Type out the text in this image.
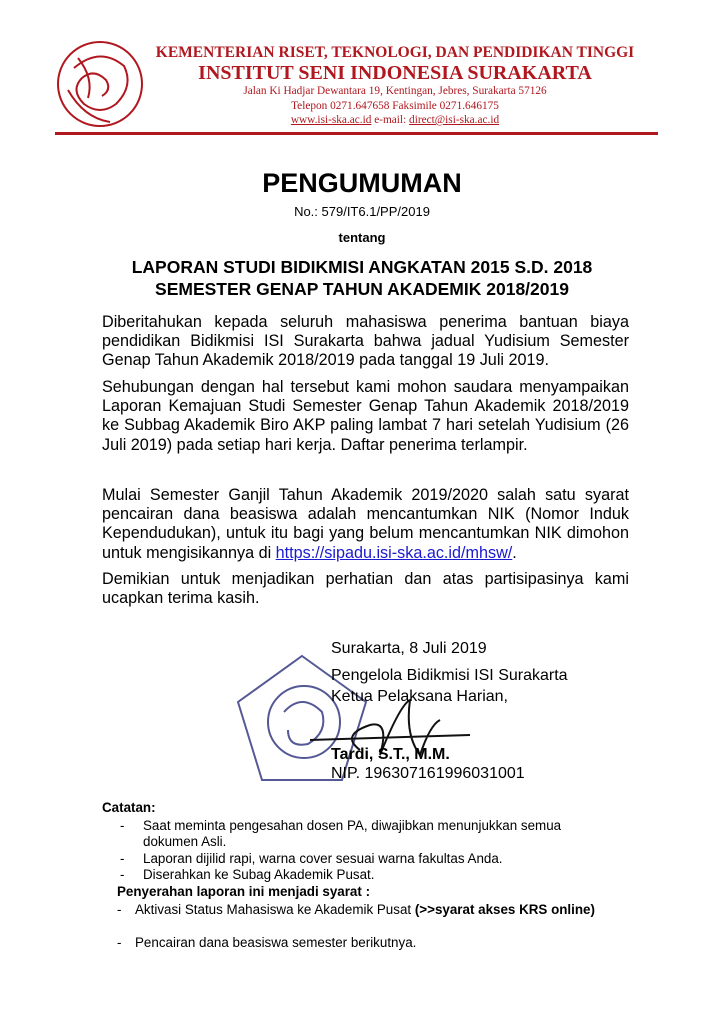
KEMENTERIAN RISET, TEKNOLOGI, DAN PENDIDIKAN TINGGI
INSTITUT SENI INDONESIA SURAKARTA
Jalan Ki Hadjar Dewantara 19, Kentingan, Jebres, Surakarta 57126
Telepon 0271.647658 Faksimile 0271.646175
www.isi-ska.ac.id e-mail: direct@isi-ska.ac.id
PENGUMUMAN
No.: 579/IT6.1/PP/2019
tentang
LAPORAN STUDI BIDIKMISI ANGKATAN 2015 S.D. 2018
SEMESTER GENAP TAHUN AKADEMIK 2018/2019
Diberitahukan kepada seluruh mahasiswa penerima bantuan biaya pendidikan Bidikmisi ISI Surakarta bahwa jadual Yudisium Semester Genap Tahun Akademik 2018/2019 pada tanggal 19 Juli 2019.
Sehubungan dengan hal tersebut kami mohon saudara menyampaikan Laporan Kemajuan Studi Semester Genap Tahun Akademik 2018/2019 ke Subbag Akademik Biro AKP paling lambat 7 hari setelah Yudisium (26 Juli 2019) pada setiap hari kerja. Daftar penerima terlampir.
Mulai Semester Ganjil Tahun Akademik 2019/2020 salah satu syarat pencairan dana beasiswa adalah mencantumkan NIK (Nomor Induk Kependudukan), untuk itu bagi yang belum mencantumkan NIK dimohon untuk mengisikannya di https://sipadu.isi-ska.ac.id/mhsw/.
Demikian untuk menjadikan perhatian dan atas partisipasinya kami ucapkan terima kasih.
Surakarta, 8 Juli 2019
Pengelola Bidikmisi ISI Surakarta
Ketua Pelaksana Harian,
Tardi, S.T., M.M.
NIP. 196307161996031001
Catatan:
- Saat meminta pengesahan dosen PA, diwajibkan menunjukkan semua dokumen Asli.
- Laporan dijilid rapi, warna cover sesuai warna fakultas Anda.
- Diserahkan ke Subag Akademik Pusat.
Penyerahan laporan ini menjadi syarat :
- Aktivasi Status Mahasiswa ke Akademik Pusat (>>syarat akses KRS online)
- Pencairan dana beasiswa semester berikutnya.
